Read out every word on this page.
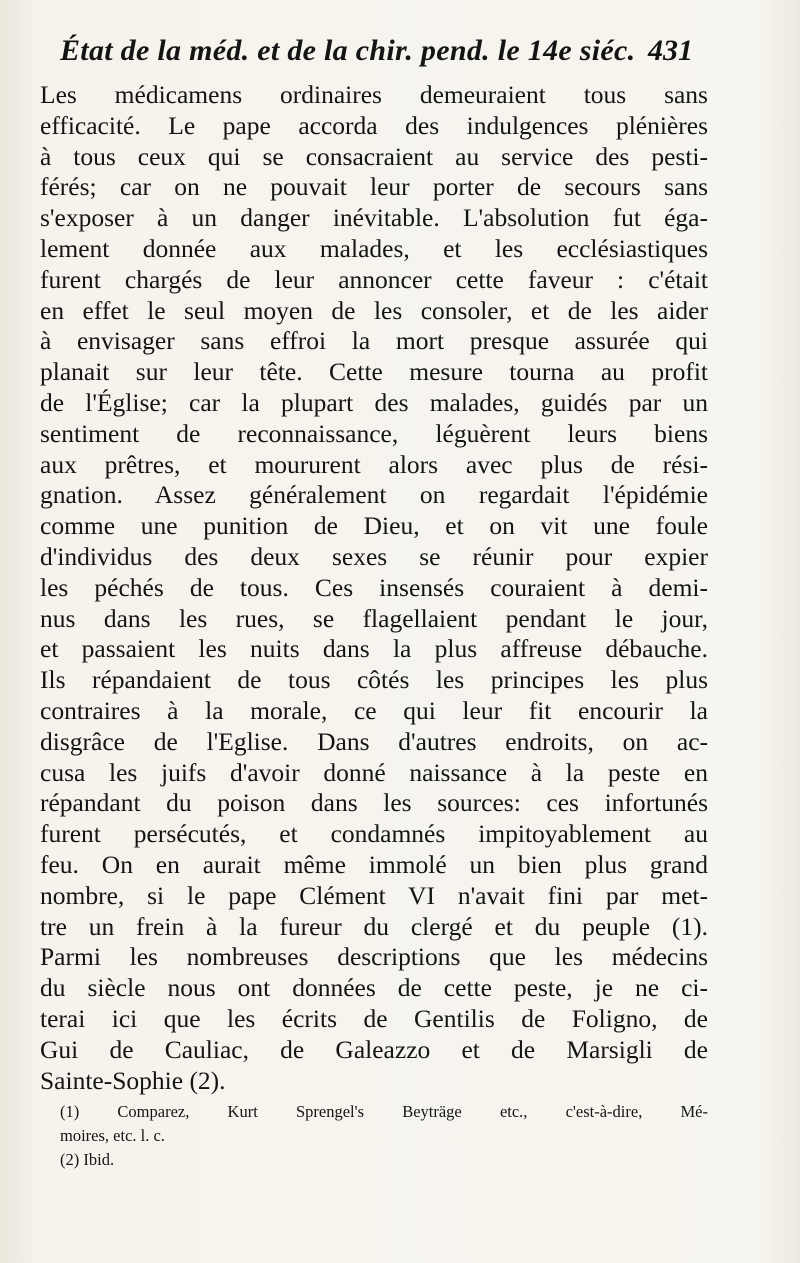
État de la méd. et de la chir. pend. le 14e siéc. 431
Les médicamens ordinaires demeuraient tous sans
efficacité. Le pape accorda des indulgences plénières
à tous ceux qui se consacraient au service des pesti-
férés; car on ne pouvait leur porter de secours sans
s'exposer à un danger inévitable. L'absolution fut éga-
lement donnée aux malades, et les ecclésiastiques
furent chargés de leur annoncer cette faveur : c'était
en effet le seul moyen de les consoler, et de les aider
à envisager sans effroi la mort presque assurée qui
planait sur leur tête. Cette mesure tourna au profit
de l'Église; car la plupart des malades, guidés par un
sentiment de reconnaissance, léguèrent leurs biens
aux prêtres, et moururent alors avec plus de rési-
gnation. Assez généralement on regardait l'épidémie
comme une punition de Dieu, et on vit une foule
d'individus des deux sexes se réunir pour expier
les péchés de tous. Ces insensés couraient à demi-
nus dans les rues, se flagellaient pendant le jour,
et passaient les nuits dans la plus affreuse débauche.
Ils répandaient de tous côtés les principes les plus
contraires à la morale, ce qui leur fit encourir la
disgrâce de l'Eglise. Dans d'autres endroits, on ac-
cusa les juifs d'avoir donné naissance à la peste en
répandant du poison dans les sources: ces infortunés
furent persécutés, et condamnés impitoyablement au
feu. On en aurait même immolé un bien plus grand
nombre, si le pape Clément VI n'avait fini par met-
tre un frein à la fureur du clergé et du peuple (1).
Parmi les nombreuses descriptions que les médecins
du siècle nous ont données de cette peste, je ne ci-
terai ici que les écrits de Gentilis de Foligno, de
Gui de Cauliac, de Galeazzo et de Marsigli de
Sainte-Sophie (2).
(1) Comparez, Kurt Sprengel's Beyträge etc., c'est-à-dire, Mé-
moires, etc. l. c.
(2) Ibid.
